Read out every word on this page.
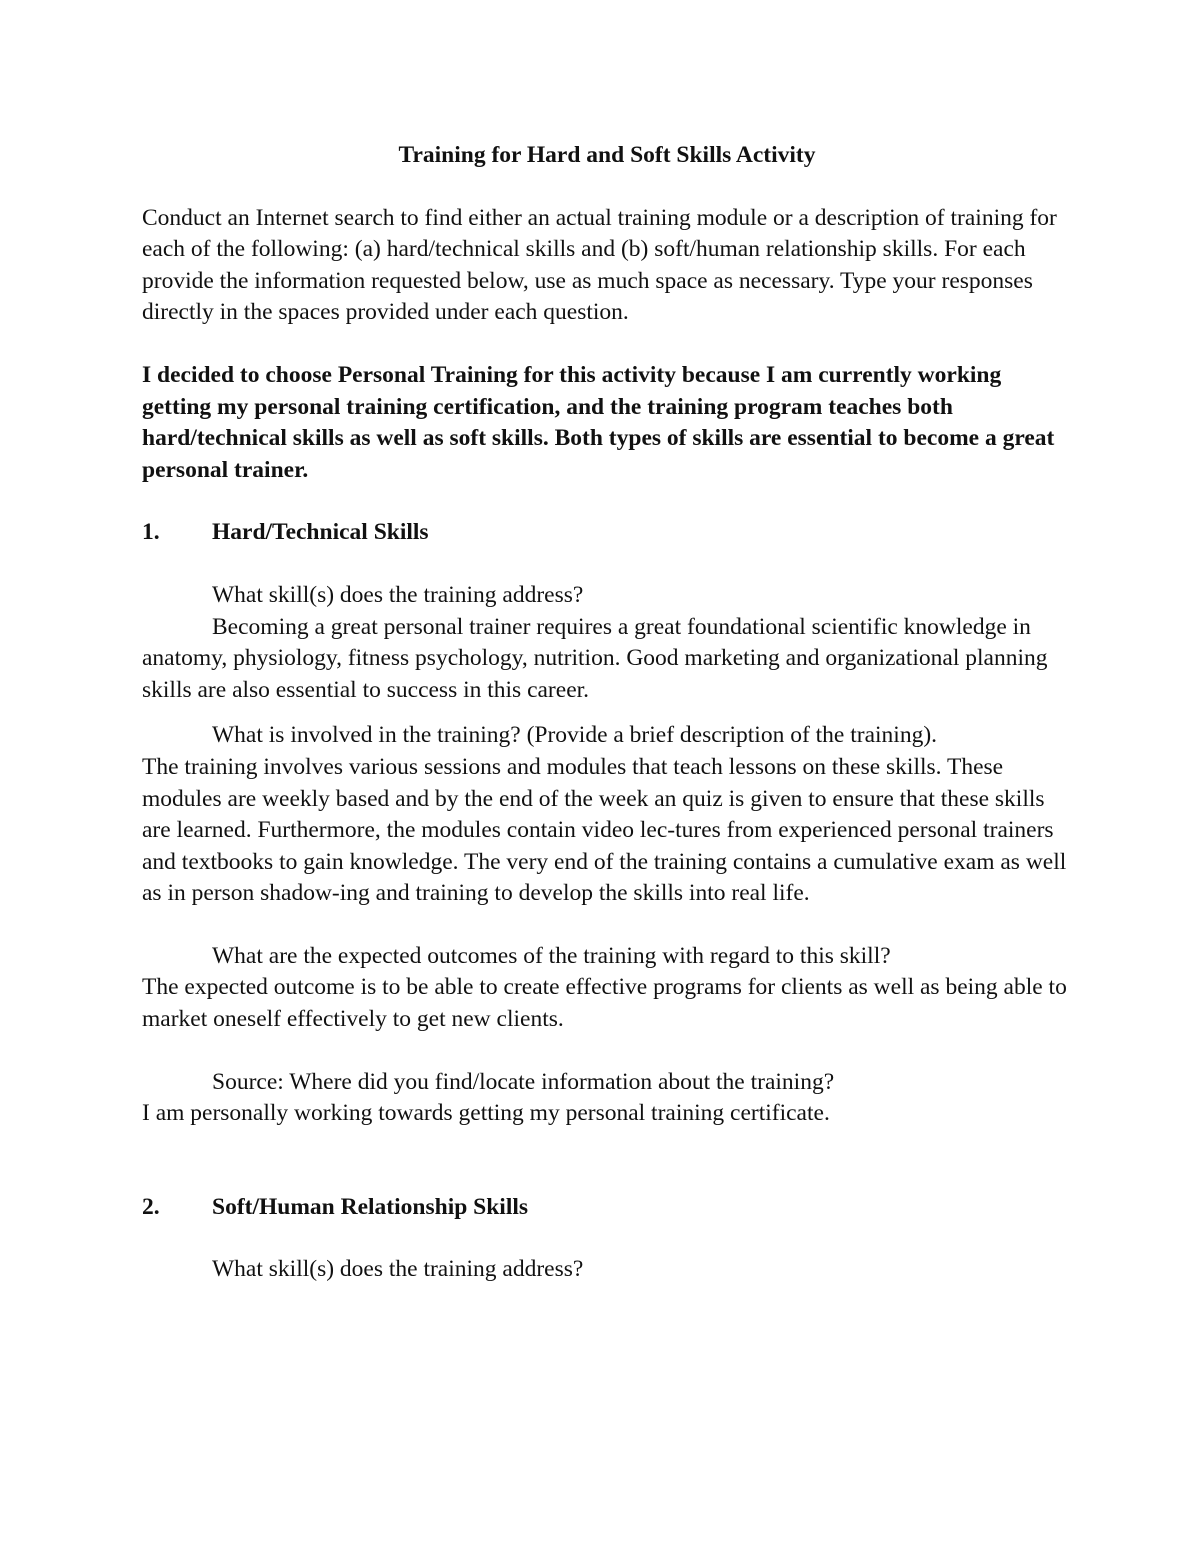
Training for Hard and Soft Skills Activity

Conduct an Internet search to find either an actual training module or a description of training for each of the following: (a) hard/technical skills and (b) soft/human relationship skills. For each provide the information requested below, use as much space as necessary. Type your responses directly in the spaces provided under each question.

I decided to choose Personal Training for this activity because I am currently working getting my personal training certification, and the training program teaches both hard/technical skills as well as soft skills. Both types of skills are essential to become a great personal trainer.

1.	Hard/Technical Skills

What skill(s) does the training address?

Becoming a great personal trainer requires a great foundational scientific knowledge in anatomy, physiology, fitness psychology, nutrition. Good marketing and organizational planning skills are also essential to success in this career.

What is involved in the training? (Provide a brief description of the training).

The training involves various sessions and modules that teach lessons on these skills. These modules are weekly based and by the end of the week an quiz is given to ensure that these skills are learned. Furthermore, the modules contain video lec-tures from experienced personal trainers and textbooks to gain knowledge. The very end of the training contains a cumulative exam as well as in person shadow-ing and training to develop the skills into real life.

What are the expected outcomes of the training with regard to this skill?

The expected outcome is to be able to create effective programs for clients as well as being able to market oneself effectively to get new clients.

Source: Where did you find/locate information about the training?

I am personally working towards getting my personal training certificate.

2.	Soft/Human Relationship Skills

What skill(s) does the training address?
